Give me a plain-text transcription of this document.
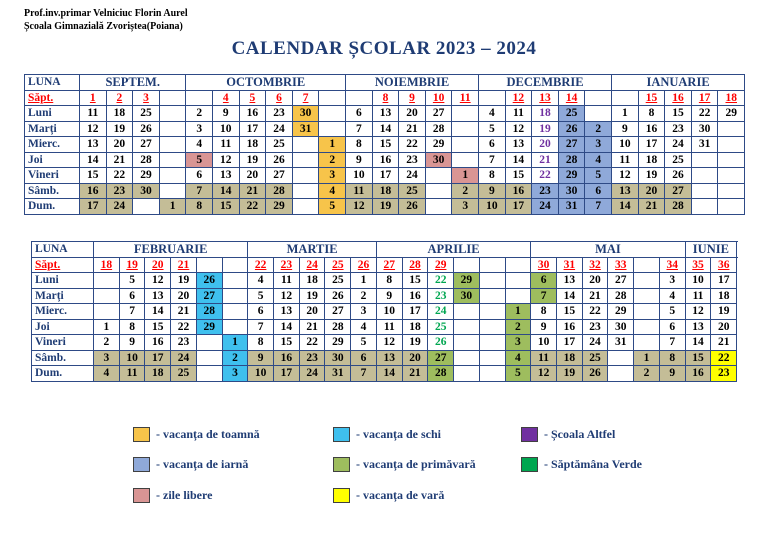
Prof.inv.primar Velniciuc Florin Aurel
Școala Gimnazială Zvoriștea(Poiana)
CALENDAR ȘCOLAR 2023 – 2024
LUNA	SEPTEM.				OCTOMBRIE						NOIEMBRIE					DECEMBRIE					IANUARIE				
Săpt.	1	2	3			4	5	6	7			8	9	10	11		12	13	14			15	16	17	18
Luni	11	18	25		2	9	16	23	30		6	13	20	27		4	11	18	25		1	8	15	22	29
Marți	12	19	26		3	10	17	24	31		7	14	21	28		5	12	19	26	2	9	16	23	30	
Mierc.	13	20	27		4	11	18	25		1	8	15	22	29		6	13	20	27	3	10	17	24	31	
Joi	14	21	28		5	12	19	26		2	9	16	23	30		7	14	21	28	4	11	18	25		
Vineri	15	22	29		6	13	20	27		3	10	17	24		1	8	15	22	29	5	12	19	26		
Sâmb.	16	23	30		7	14	21	28		4	11	18	25		2	9	16	23	30	6	13	20	27		
Dum.	17	24		1	8	15	22	29		5	12	19	26		3	10	17	24	31	7	14	21	28		
LUNA	FEBRUARIE						MARTIE					APRILIE						MAI						IUNIE	
Săpt.	18	19	20	21			22	23	24	25	26	27	28	29				30	31	32	33		34	35	36
Luni		5	12	19	26		4	11	18	25	1	8	15	22	29			6	13	20	27		3	10	17
Marți		6	13	20	27		5	12	19	26	2	9	16	23	30			7	14	21	28		4	11	18
Mierc.		7	14	21	28		6	13	20	27	3	10	17	24			1	8	15	22	29		5	12	19
Joi	1	8	15	22	29		7	14	21	28	4	11	18	25			2	9	16	23	30		6	13	20
Vineri	2	9	16	23		1	8	15	22	29	5	12	19	26			3	10	17	24	31		7	14	21
Sâmb.	3	10	17	24		2	9	16	23	30	6	13	20	27			4	11	18	25		1	8	15	22
Dum.	4	11	18	25		3	10	17	24	31	7	14	21	28			5	12	19	26		2	9	16	23
- vacanța de toamnă	- vacanța de schi	- Școala Altfel
- vacanța de iarnă	- vacanța de primăvară	- Săptămâna Verde
- zile libere	- vacanța de vară
